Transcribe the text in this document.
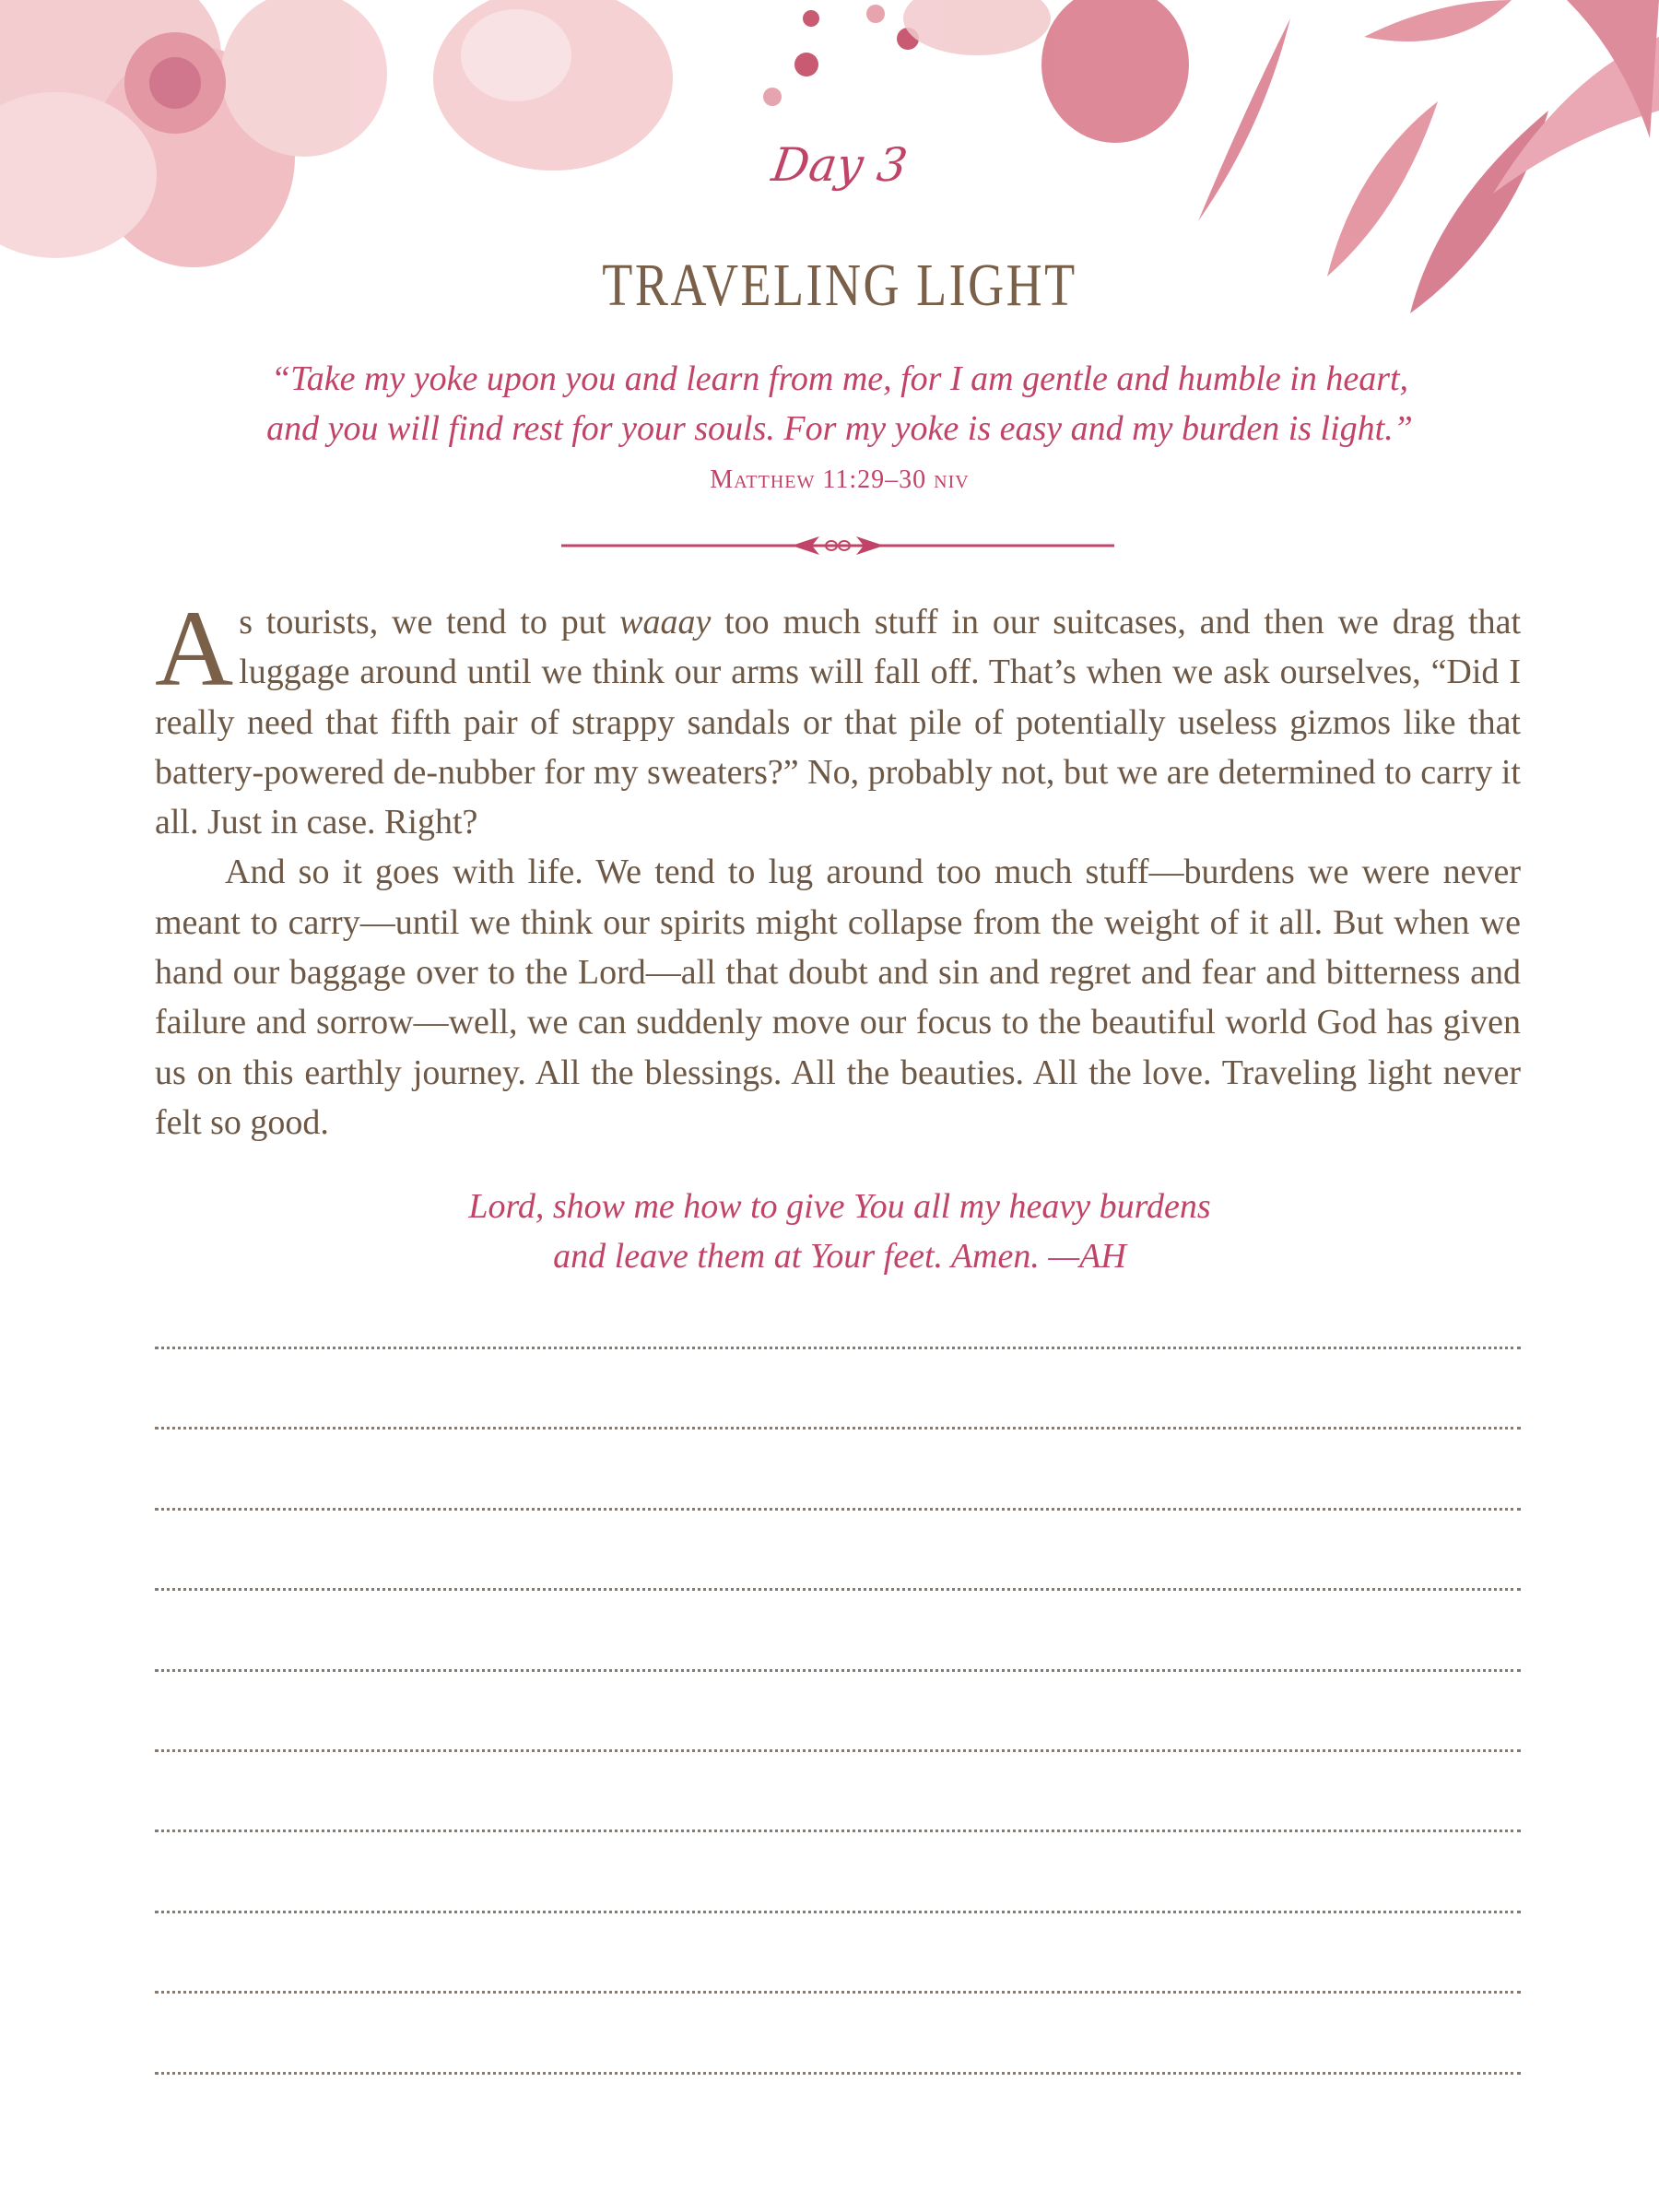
Day 3
TRAVELING LIGHT
“Take my yoke upon you and learn from me, for I am gentle and humble in heart,
and you will find rest for your souls. For my yoke is easy and my burden is light.”
Matthew 11:29–30 niv

As tourists, we tend to put waaay too much stuff in our suitcases, and then we drag that luggage around until we think our arms will fall off. That’s when we ask ourselves, “Did I really need that fifth pair of strappy sandals or that pile of potentially useless gizmos like that battery-powered de-nubber for my sweaters?” No, probably not, but we are determined to carry it all. Just in case. Right?

And so it goes with life. We tend to lug around too much stuff—burdens we were never meant to carry—until we think our spirits might collapse from the weight of it all. But when we hand our baggage over to the Lord—all that doubt and sin and regret and fear and bitterness and failure and sorrow—well, we can suddenly move our focus to the beautiful world God has given us on this earthly journey. All the blessings. All the beauties. All the love. Traveling light never felt so good.

Lord, show me how to give You all my heavy burdens
and leave them at Your feet. Amen. —AH
